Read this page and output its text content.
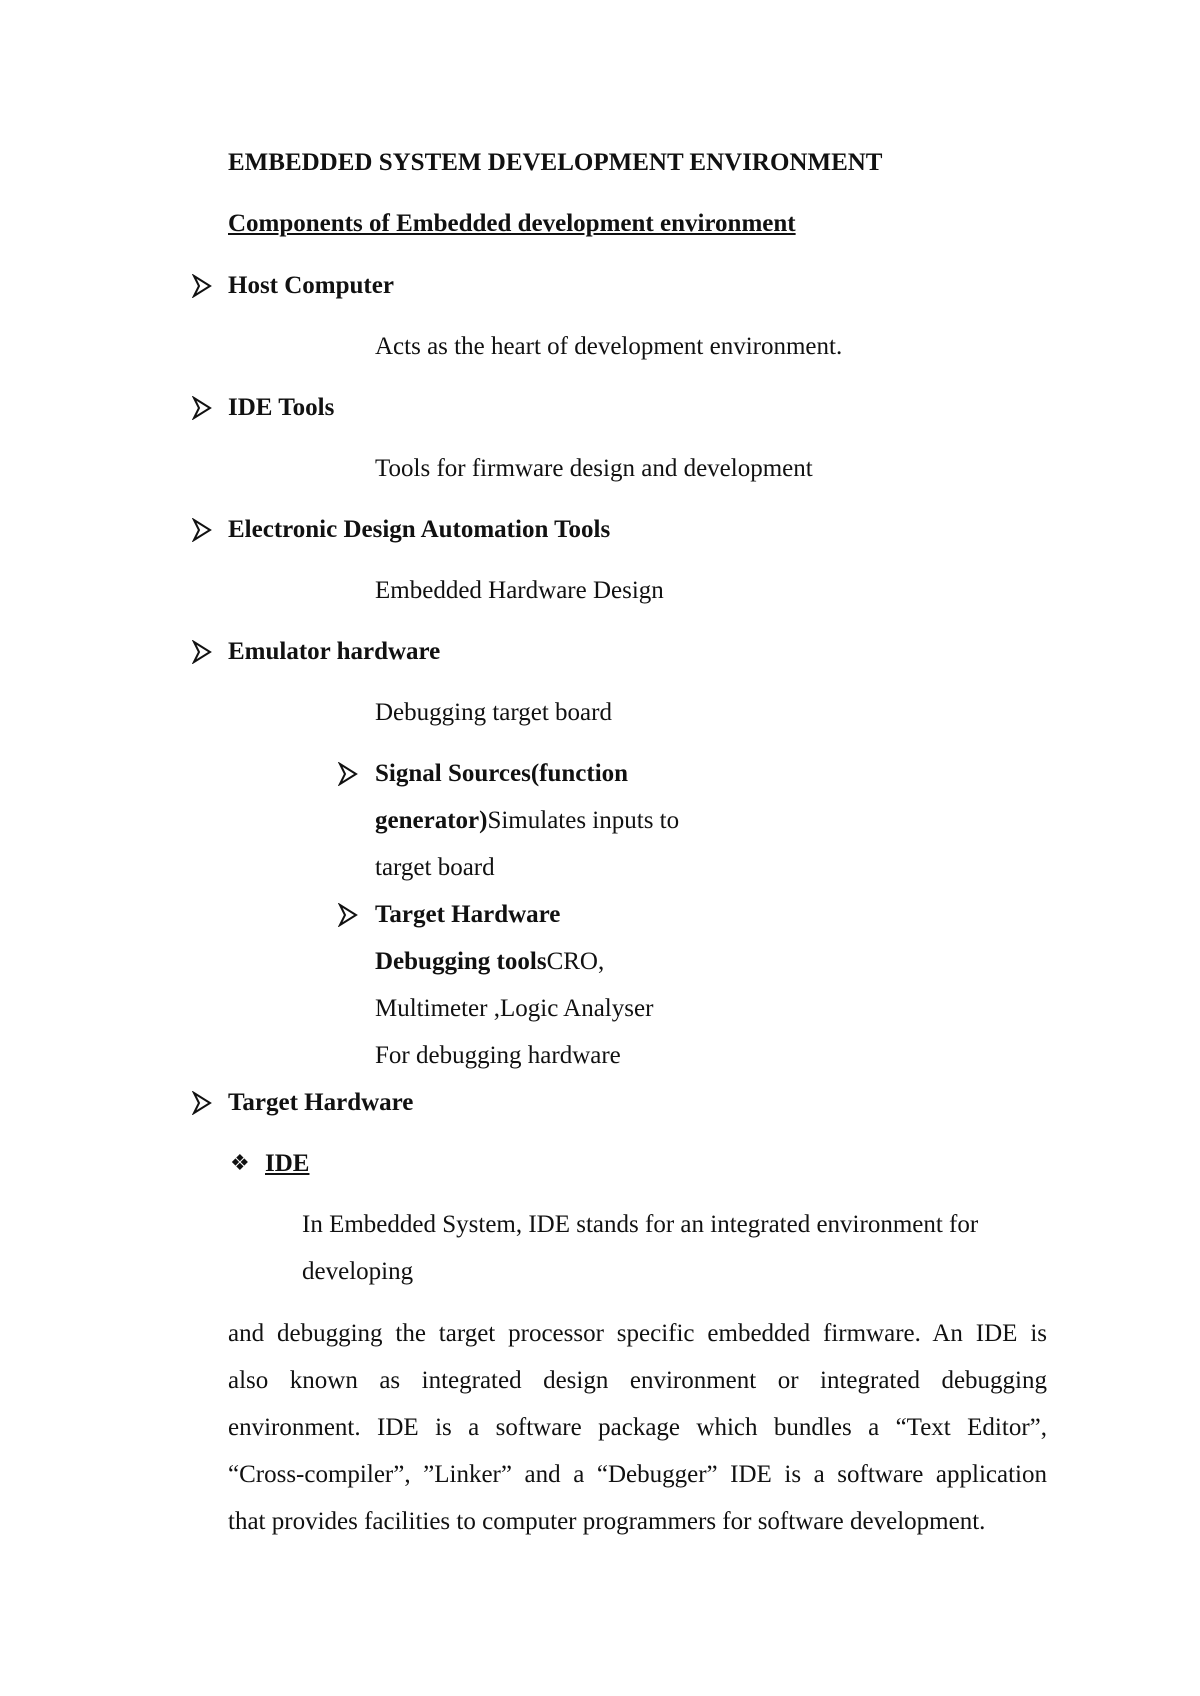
EMBEDDED SYSTEM DEVELOPMENT ENVIRONMENT
Components of Embedded development environment
Host Computer
Acts as the heart of development environment.
IDE Tools
Tools for firmware design and development
Electronic Design Automation Tools
Embedded Hardware Design
Emulator hardware
Debugging target board
Signal Sources(function
generator)Simulates inputs to
target board
Target Hardware
Debugging toolsCRO,
Multimeter ,Logic Analyser
For debugging hardware
Target Hardware
❖ IDE
In Embedded System, IDE stands for an integrated environment for
developing
and debugging the target processor specific embedded firmware. An IDE is
also known as integrated design environment or integrated debugging
environment. IDE is a software package which bundles a “Text Editor”,
“Cross-compiler”, ”Linker” and a “Debugger” IDE is a software application
that provides facilities to computer programmers for software development.
